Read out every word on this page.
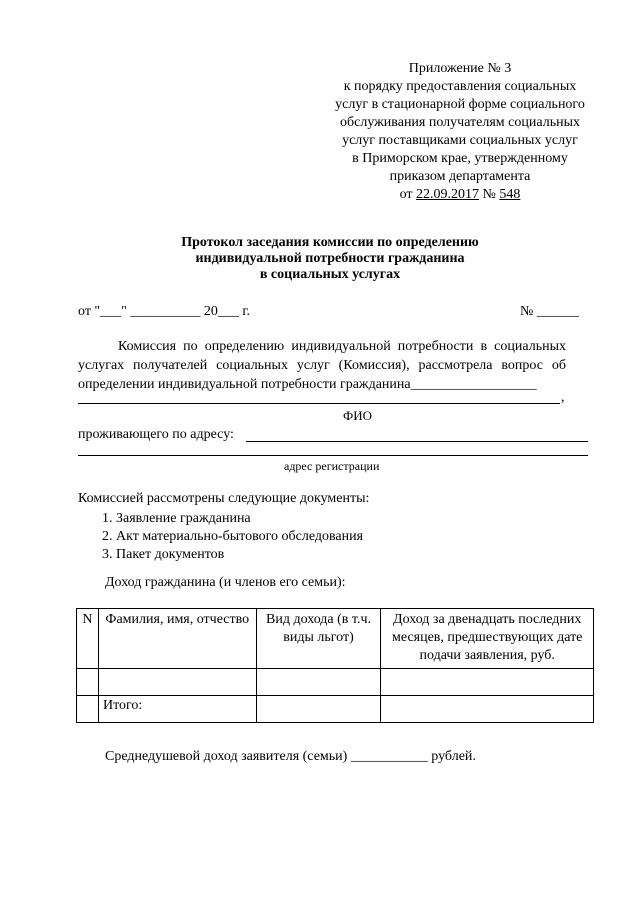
Приложение № 3
к порядку предоставления социальных
услуг в стационарной форме социального
обслуживания получателям социальных
услуг поставщиками социальных услуг
в Приморском крае, утвержденному
приказом департамента
от 22.09.2017 № 548
Протокол заседания комиссии по определению
индивидуальной потребности гражданина
в социальных услугах
от "___" __________ 20___ г.	№ ______
Комиссия по определению индивидуальной потребности в социальных
услугах получателей социальных услуг (Комиссия), рассмотрела вопрос об
определении индивидуальной потребности гражданина__________________
,
ФИО
проживающего по адресу:
адрес регистрации
Комиссией рассмотрены следующие документы:
1. Заявление гражданина
2. Акт материально-бытового обследования
3. Пакет документов
Доход гражданина (и членов его семьи):
N	Фамилия, имя, отчество	Вид дохода (в т.ч. виды льгот)	Доход за двенадцать последних месяцев, предшествующих дате подачи заявления, руб.

	Итого:		
Среднедушевой доход заявителя (семьи) ___________ рублей.
